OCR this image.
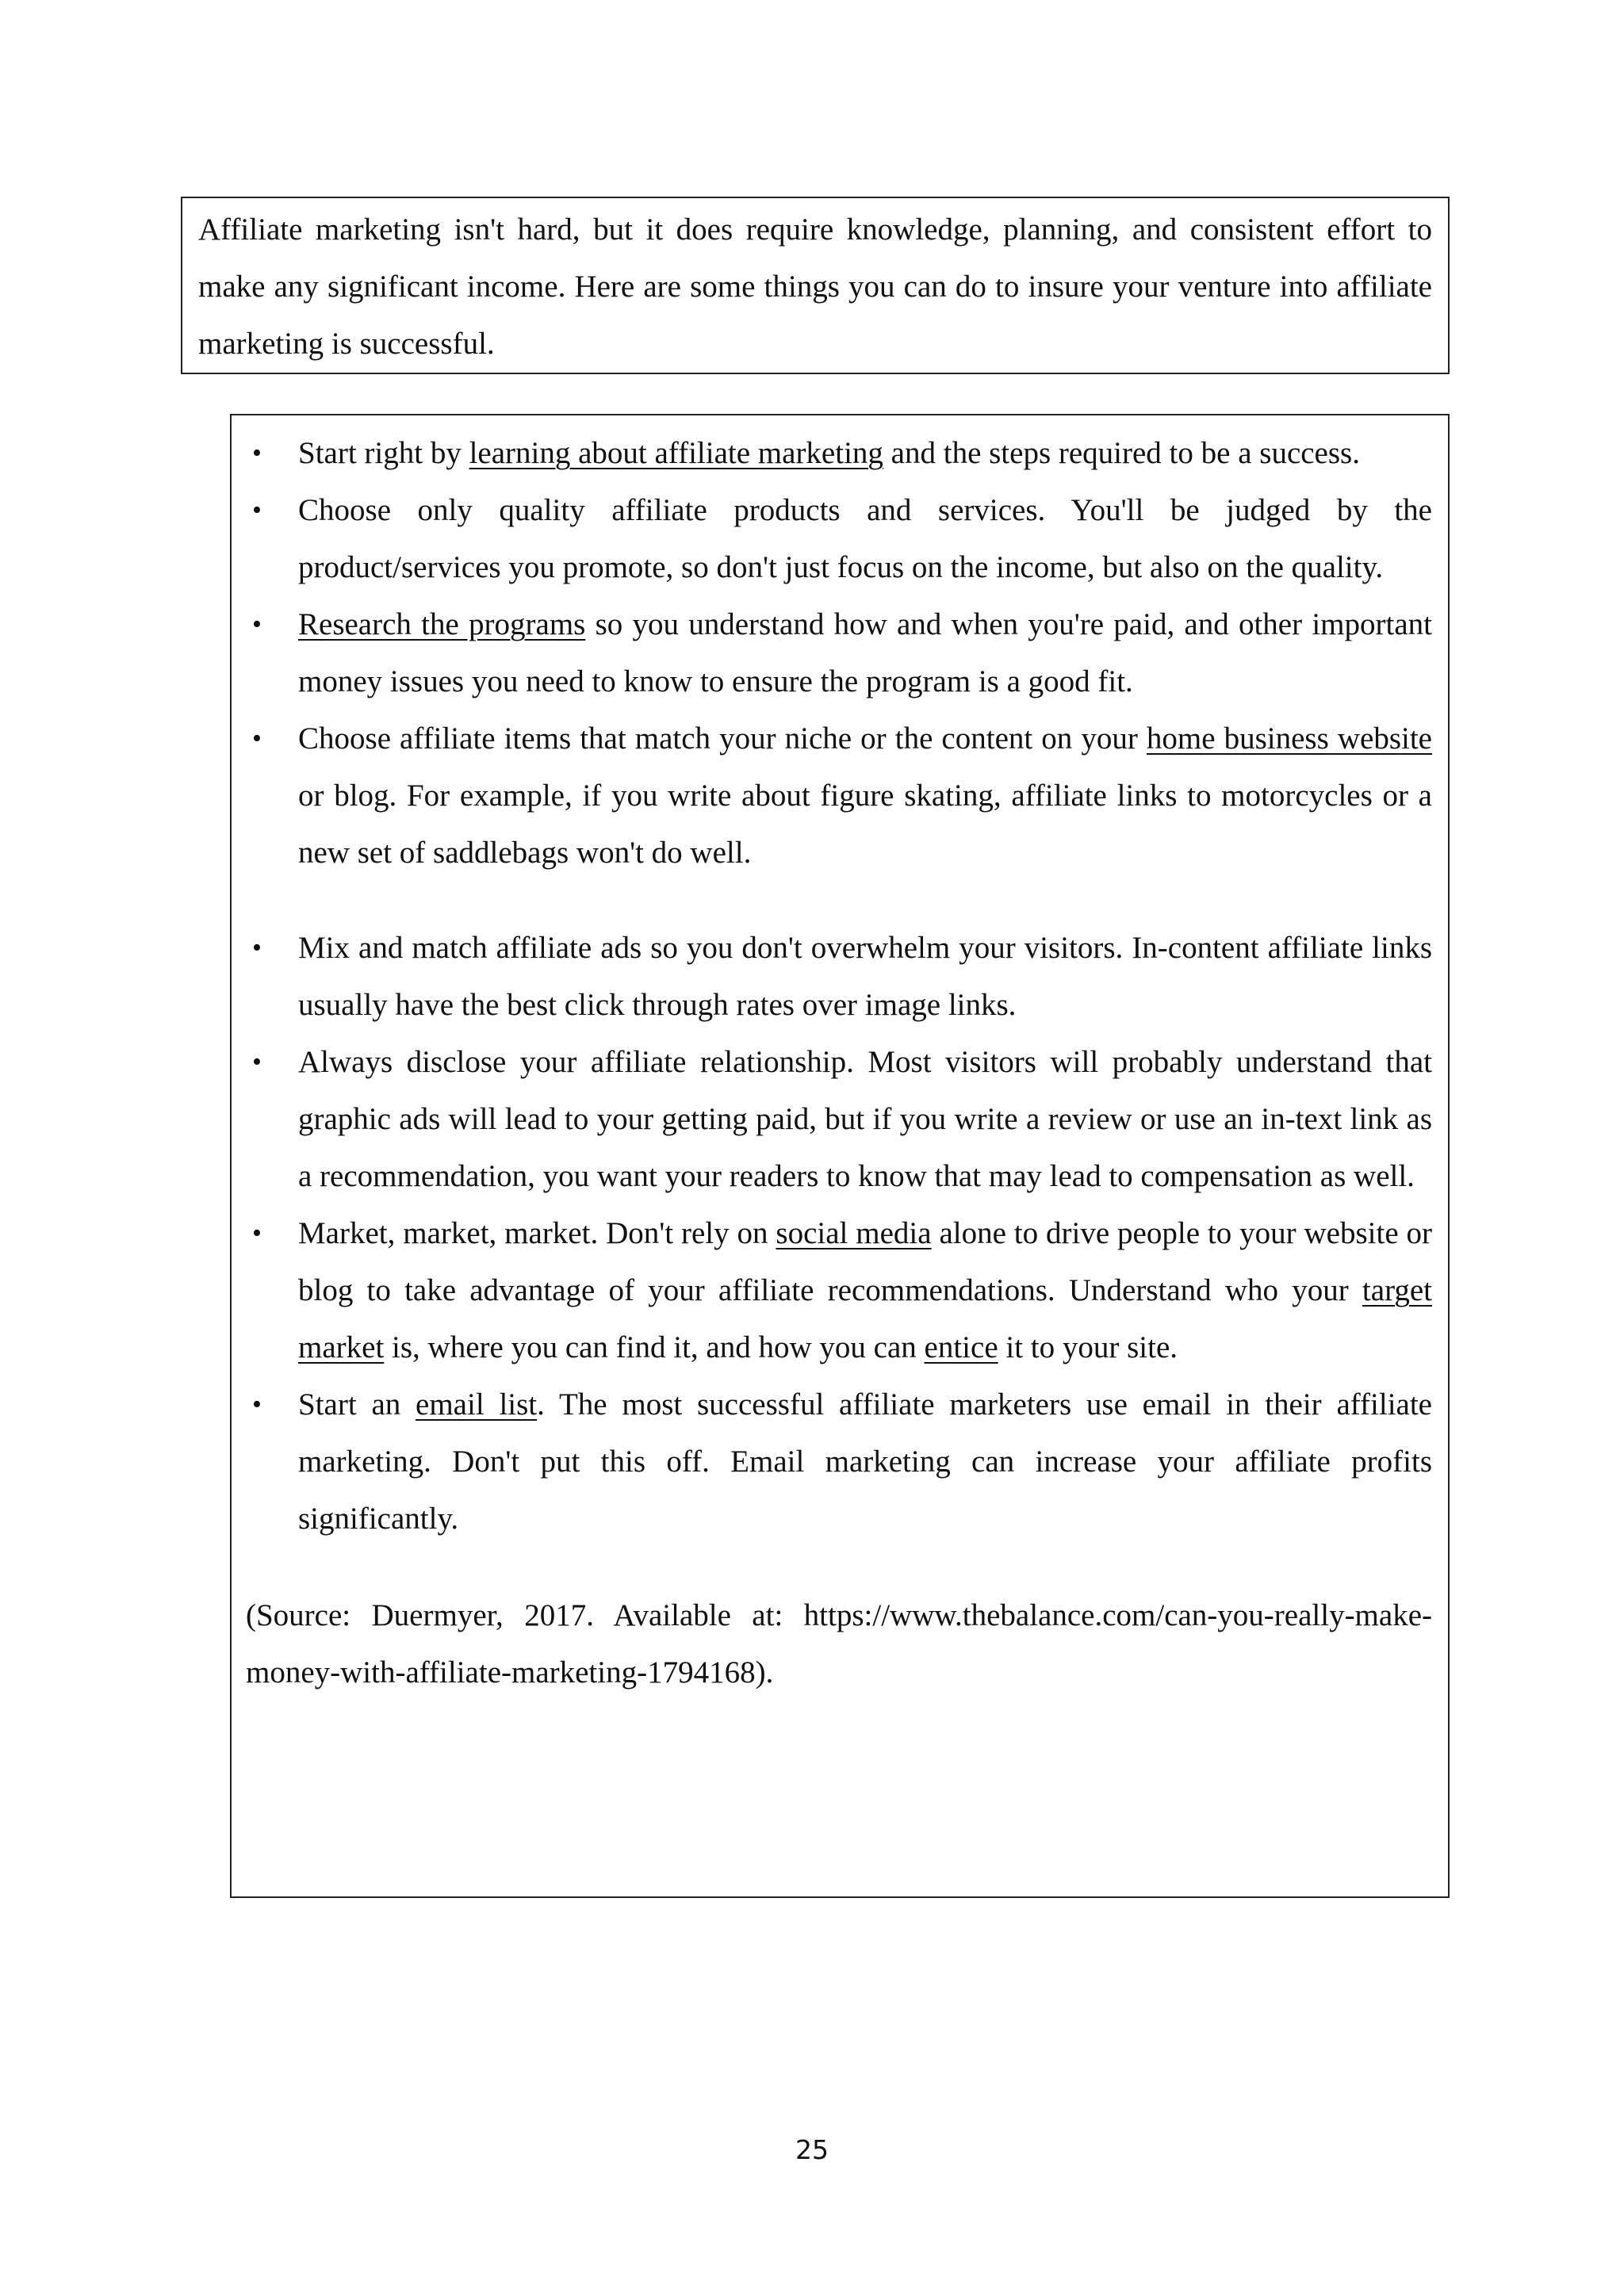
Affiliate marketing isn't hard, but it does require knowledge, planning, and consistent effort to make any significant income. Here are some things you can do to insure your venture into affiliate marketing is successful.
• Start right by learning about affiliate marketing and the steps required to be a success.
• Choose only quality affiliate products and services. You'll be judged by the product/services you promote, so don't just focus on the income, but also on the quality.
• Research the programs so you understand how and when you're paid, and other important money issues you need to know to ensure the program is a good fit.
• Choose affiliate items that match your niche or the content on your home business website or blog. For example, if you write about figure skating, affiliate links to motorcycles or a new set of saddlebags won't do well.
• Mix and match affiliate ads so you don't overwhelm your visitors. In-content affiliate links usually have the best click through rates over image links.
• Always disclose your affiliate relationship. Most visitors will probably understand that graphic ads will lead to your getting paid, but if you write a review or use an in-text link as a recommendation, you want your readers to know that may lead to compensation as well.
• Market, market, market. Don't rely on social media alone to drive people to your website or blog to take advantage of your affiliate recommendations. Understand who your target market is, where you can find it, and how you can entice it to your site.
• Start an email list. The most successful affiliate marketers use email in their affiliate marketing. Don't put this off. Email marketing can increase your affiliate profits significantly.

(Source: Duermyer, 2017. Available at: https://www.thebalance.com/can-you-really-make-money-with-affiliate-marketing-1794168).

25
